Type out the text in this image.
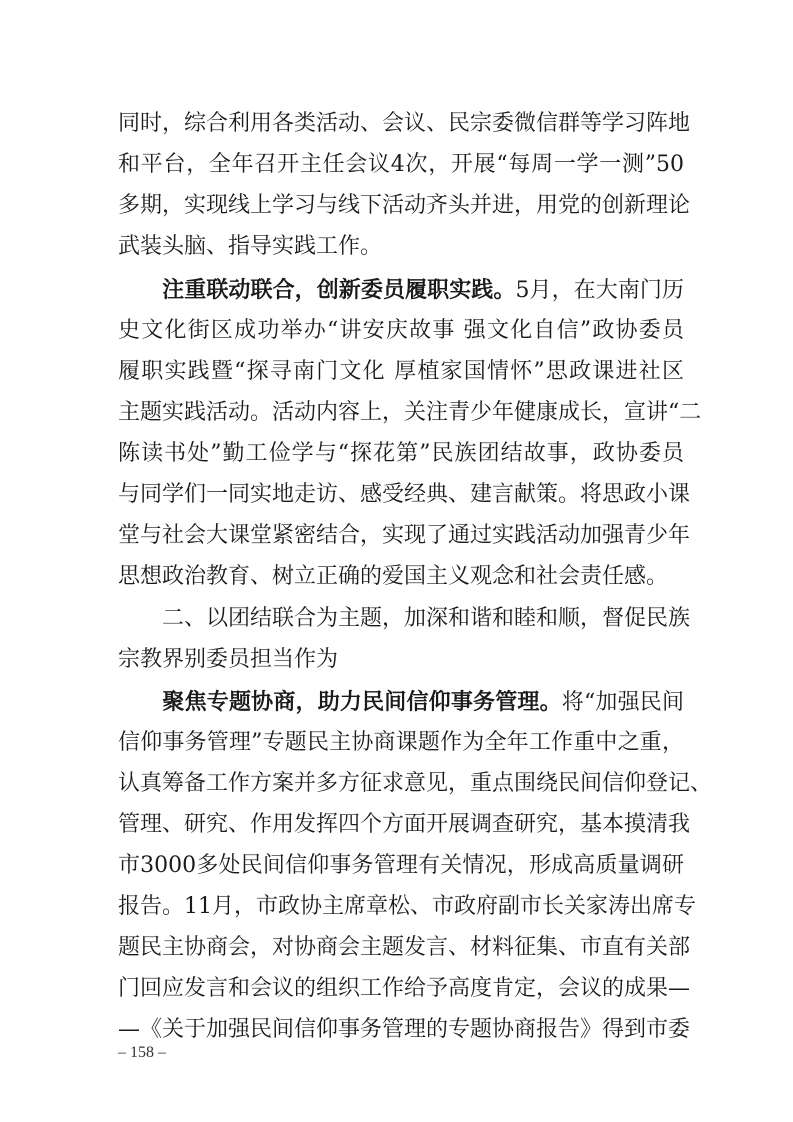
同时，综合利用各类活动、会议、民宗委微信群等学习阵地
和平台，全年召开主任会议4次，开展“每周一学一测”50
多期，实现线上学习与线下活动齐头并进，用党的创新理论
武装头脑、指导实践工作。
　　注重联动联合，创新委员履职实践。5月，在大南门历
史文化街区成功举办“讲安庆故事 强文化自信”政协委员
履职实践暨“探寻南门文化 厚植家国情怀”思政课进社区
主题实践活动。活动内容上，关注青少年健康成长，宣讲“二
陈读书处”勤工俭学与“探花第”民族团结故事，政协委员
与同学们一同实地走访、感受经典、建言献策。将思政小课
堂与社会大课堂紧密结合，实现了通过实践活动加强青少年
思想政治教育、树立正确的爱国主义观念和社会责任感。
　　二、以团结联合为主题，加深和谐和睦和顺，督促民族
宗教界别委员担当作为
　　聚焦专题协商，助力民间信仰事务管理。将“加强民间
信仰事务管理”专题民主协商课题作为全年工作重中之重，
认真筹备工作方案并多方征求意见，重点围绕民间信仰登记、
管理、研究、作用发挥四个方面开展调查研究，基本摸清我
市3000多处民间信仰事务管理有关情况，形成高质量调研
报告。11月，市政协主席章松、市政府副市长关家涛出席专
题民主协商会，对协商会主题发言、材料征集、市直有关部
门回应发言和会议的组织工作给予高度肯定，会议的成果—
—《关于加强民间信仰事务管理的专题协商报告》得到市委
– 158 –
